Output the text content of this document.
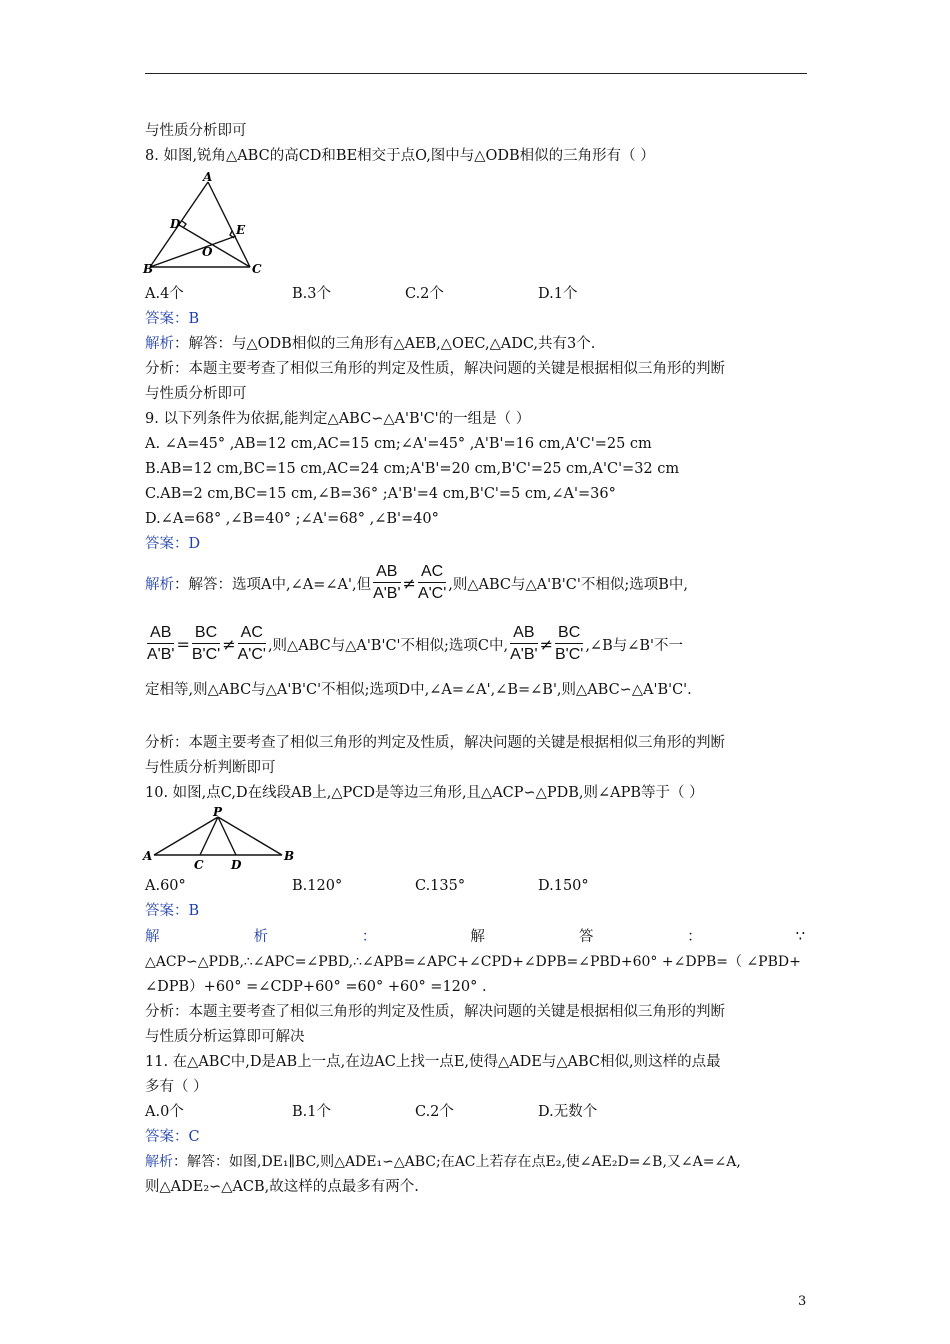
与性质分析即可
8. 如图,锐角△ABC的高CD和BE相交于点O,图中与△ODB相似的三角形有（ ）
A
D	E
O
B	C
A.4个	B.3个	C.2个	D.1个
答案：B
解析：解答：与△ODB相似的三角形有△AEB,△OEC,△ADC,共有3个.
分析：本题主要考查了相似三角形的判定及性质，解决问题的关键是根据相似三角形的判断
与性质分析即可
9. 以下列条件为依据,能判定△ABC∽△A'B'C'的一组是（ ）
A. ∠A=45° ,AB=12 cm,AC=15 cm;∠A'=45° ,A'B'=16 cm,A'C'=25 cm
B.AB=12 cm,BC=15 cm,AC=24 cm;A'B'=20 cm,B'C'=25 cm,A'C'=32 cm
C.AB=2 cm,BC=15 cm,∠B=36° ;A'B'=4 cm,B'C'=5 cm,∠A'=36°
D.∠A=68° ,∠B=40° ;∠A'=68° ,∠B'=40°
答案：D
解析 ：解答：选项A中,∠A=∠A',但 $\frac{AB}{A'B'} \ne \frac{AC}{A'C'}$ ,则△ABC与△A'B'C'不相似;选项B中,
$\frac{AB}{A'B'} = \frac{BC}{B'C'} \ne \frac{AC}{A'C'}$ ,则△ABC与△A'B'C'不相似;选项C中, $\frac{AB}{A'B'} \ne \frac{BC}{B'C'}$ ,∠B与∠B'不一
定相等,则△ABC与△A'B'C'不相似;选项D中,∠A=∠A',∠B=∠B',则△ABC∽△A'B'C'.
分析：本题主要考查了相似三角形的判定及性质，解决问题的关键是根据相似三角形的判断
与性质分析判断即可
10. 如图,点C,D在线段AB上,△PCD是等边三角形,且△ACP∽△PDB,则∠APB等于（ ）
P
A
C D
B
A.60°	B.120°	C.135°	D.150°
答案：B
解	析	：	解	答	：	∵
△ACP∽△PDB,∴∠APC=∠PBD,∴∠APB=∠APC+∠CPD+∠DPB=∠PBD+60° +∠DPB=（ ∠PBD+
∠DPB）+60° =∠CDP+60° =60° +60° =120° .
分析：本题主要考查了相似三角形的判定及性质，解决问题的关键是根据相似三角形的判断
与性质分析运算即可解决
11. 在△ABC中,D是AB上一点,在边AC上找一点E,使得△ADE与△ABC相似,则这样的点最
多有（ ）
A.0个	B.1个	C.2个	D.无数个
答案：C
解析：解答：如图,DE₁∥BC,则△ADE₁∽△ABC;在AC上若存在点E₂,使∠AE₂D=∠B,又∠A=∠A,
则△ADE₂∽△ACB,故这样的点最多有两个.
3
